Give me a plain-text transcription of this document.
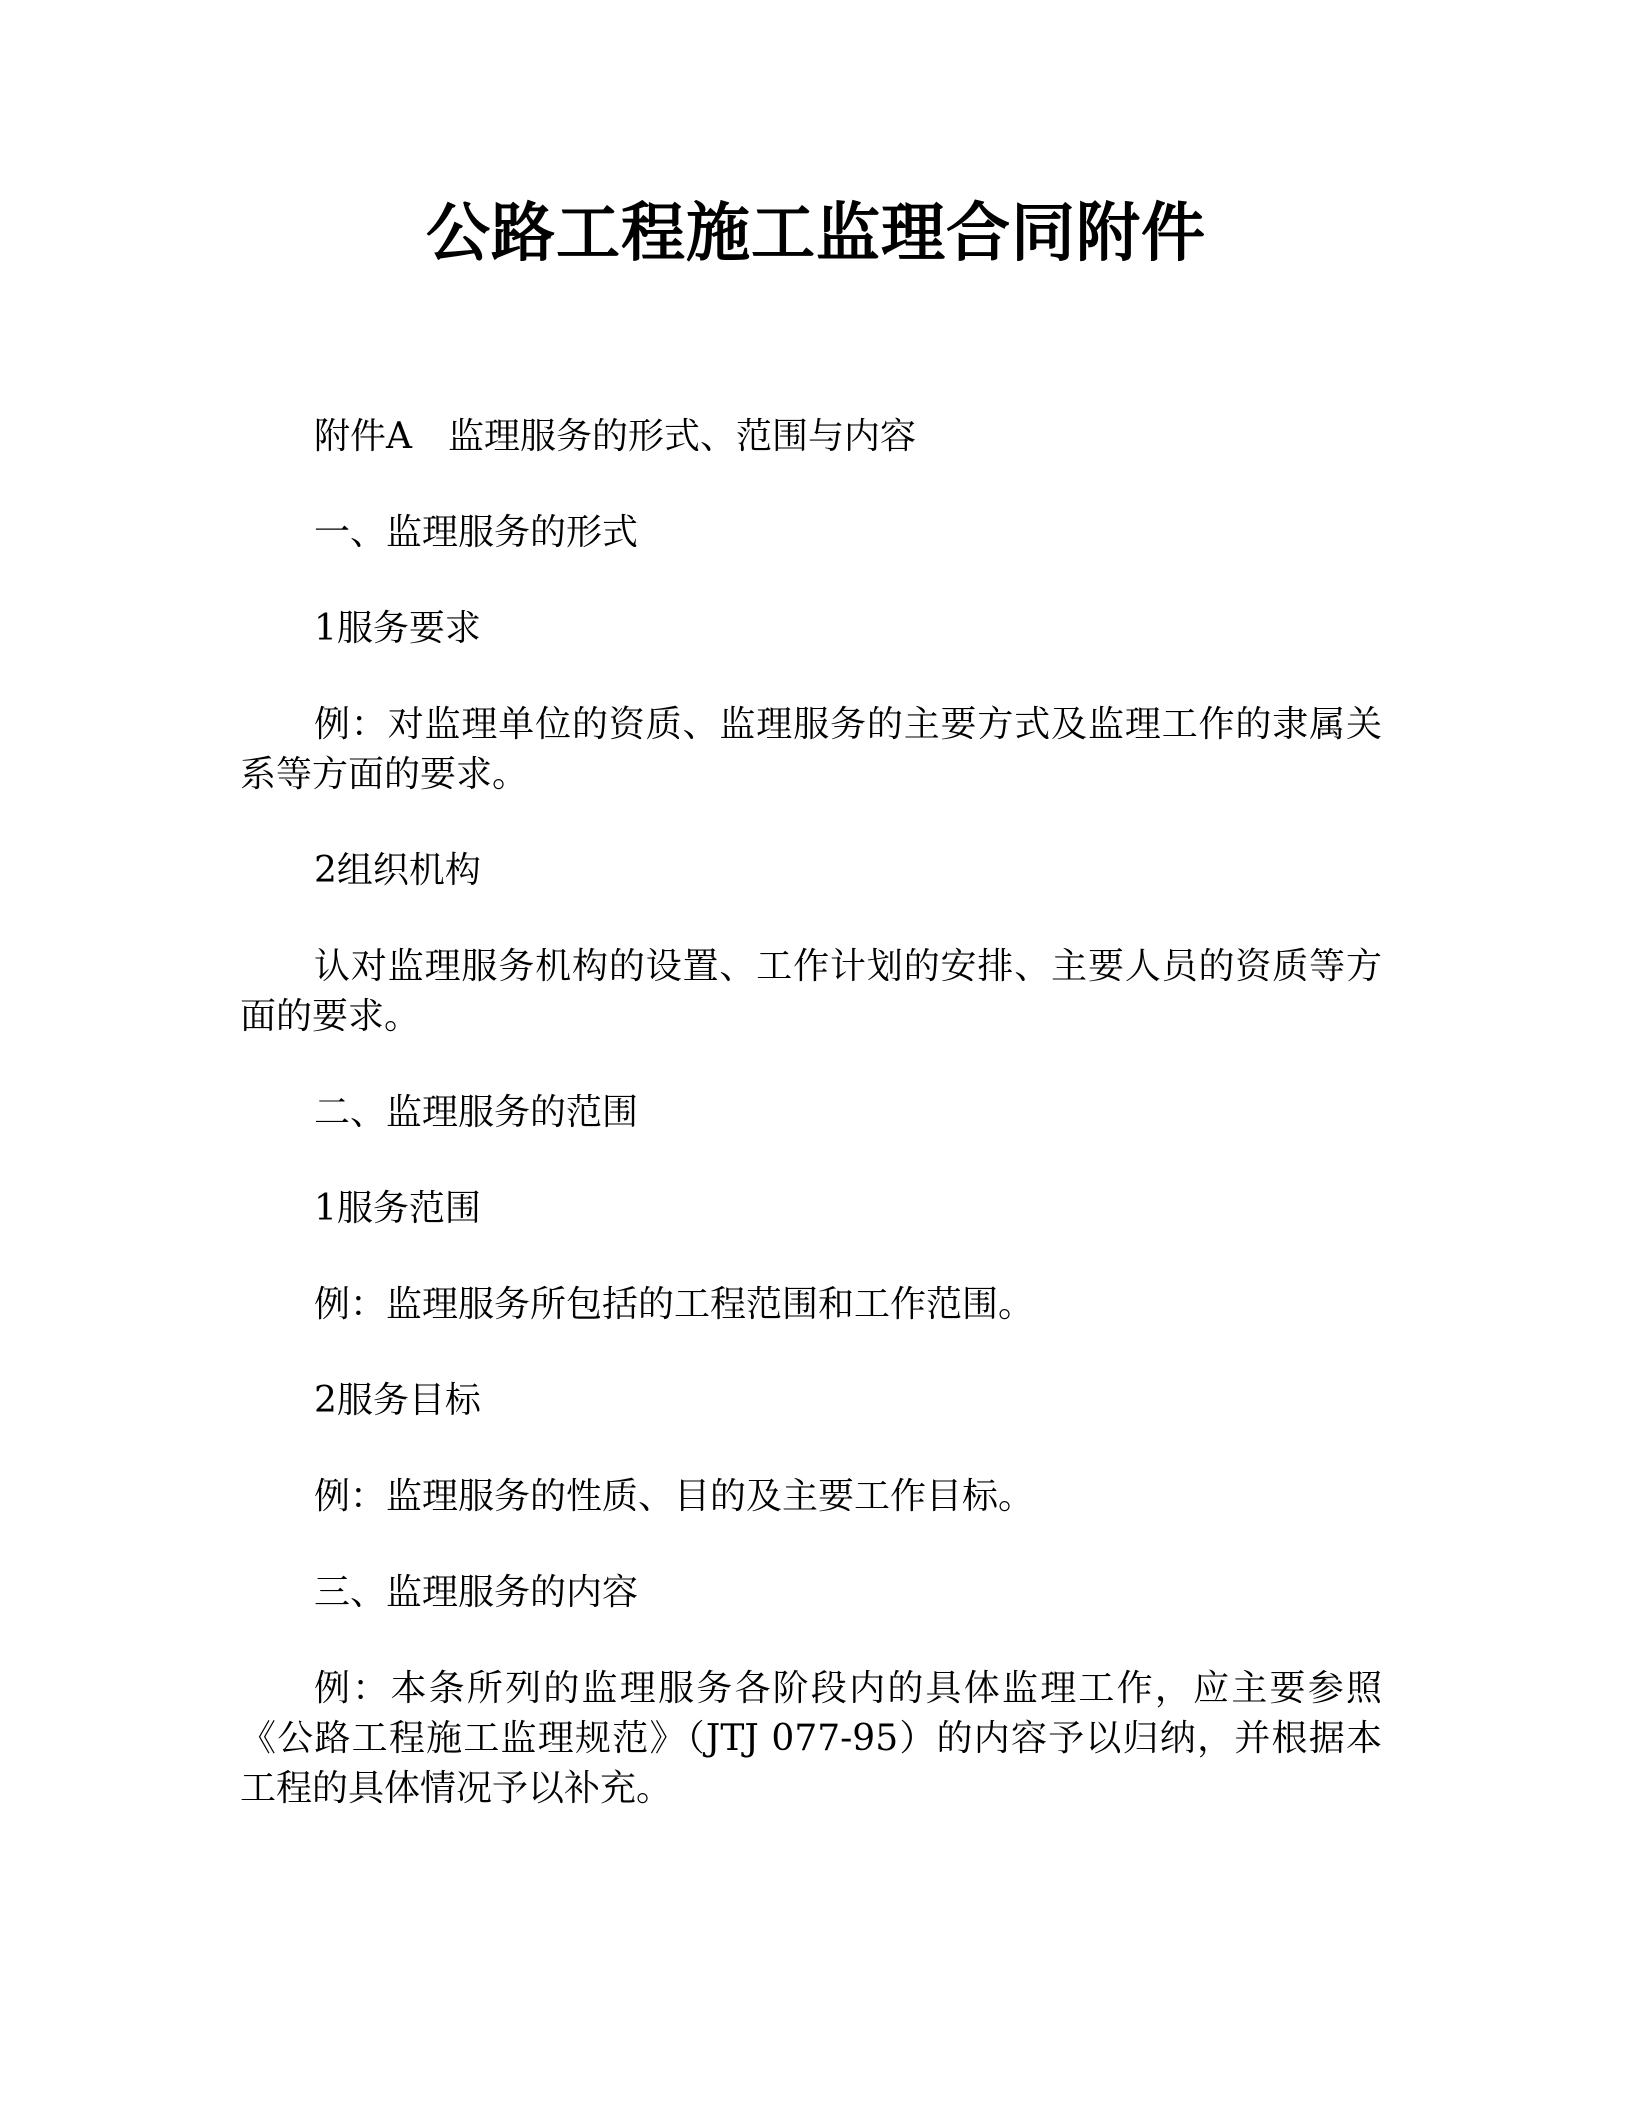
公路工程施工监理合同附件

附件A　监理服务的形式、范围与内容

一、监理服务的形式

1服务要求

例：对监理单位的资质、监理服务的主要方式及监理工作的隶属关系等方面的要求。

2组织机构

认对监理服务机构的设置、工作计划的安排、主要人员的资质等方面的要求。

二、监理服务的范围

1服务范围

例：监理服务所包括的工程范围和工作范围。

2服务目标

例：监理服务的性质、目的及主要工作目标。

三、监理服务的内容

例：本条所列的监理服务各阶段内的具体监理工作，应主要参照《公路工程施工监理规范》（JTJ 077-95）的内容予以归纳，并根据本工程的具体情况予以补充。
